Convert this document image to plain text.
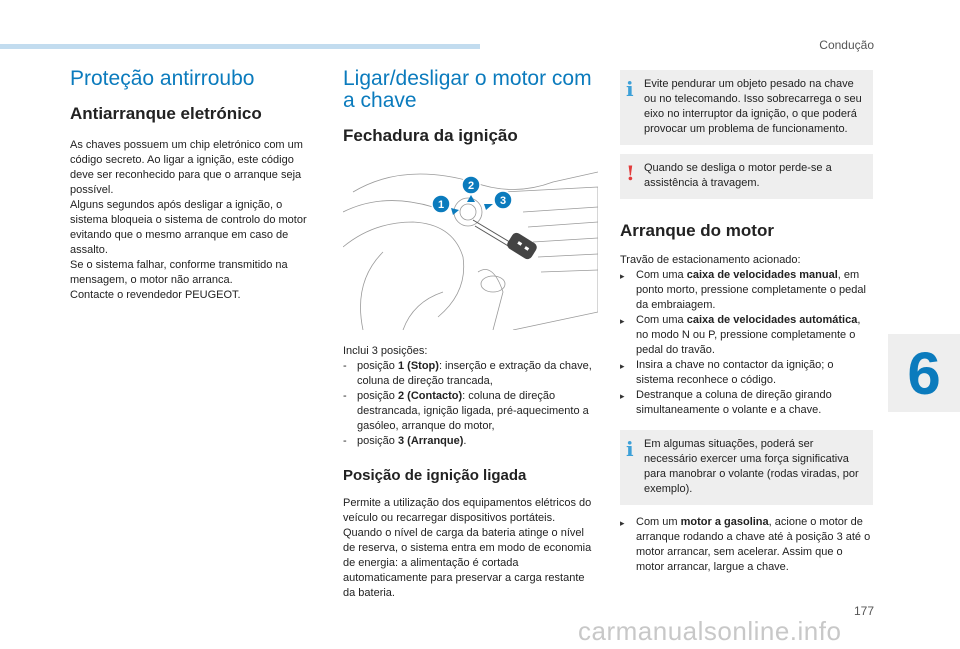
Condução
Proteção antirroubo
Antiarranque eletrónico

As chaves possuem um chip eletrónico com um código secreto. Ao ligar a ignição, este código deve ser reconhecido para que o arranque seja possível.

Alguns segundos após desligar a ignição, o sistema bloqueia o sistema de controlo do motor evitando que o mesmo arranque em caso de assalto.

Se o sistema falhar, conforme transmitido na mensagem, o motor não arranca.

Contacte o revendedor PEUGEOT.

Ligar/desligar o motor com a chave
Fechadura da ignição
1
2
3

Inclui 3 posições:

- posição 1 (Stop): inserção e extração da chave, coluna de direção trancada,
- posição 2 (Contacto): coluna de direção destrancada, ignição ligada, pré-aquecimento a gasóleo, arranque do motor,
- posição 3 (Arranque).
Posição de ignição ligada

Permite a utilização dos equipamentos elétricos do veículo ou recarregar dispositivos portáteis.

Quando o nível de carga da bateria atinge o nível de reserva, o sistema entra em modo de economia de energia: a alimentação é cortada automaticamente para preservar a carga restante da bateria.

i Evite pendurar um objeto pesado na chave ou no telecomando. Isso sobrecarrega o seu eixo no interruptor da ignição, o que poderá provocar um problema de funcionamento.
! Quando se desliga o motor perde-se a assistência à travagem.
Arranque do motor

Travão de estacionamento acionado:

▸	Com uma caixa de velocidades manual, em ponto morto, pressione completamente o pedal da embraiagem.
▸	Com uma caixa de velocidades automática, no modo N ou P, pressione completamente o pedal do travão.
▸	Insira a chave no contactor da ignição; o sistema reconhece o código.
▸	Destranque a coluna de direção girando simultaneamente o volante e a chave.
i Em algumas situações, poderá ser necessário exercer uma força significativa para manobrar o volante (rodas viradas, por exemplo).
▸	Com um motor a gasolina, acione o motor de arranque rodando a chave até à posição 3 até o motor arrancar, sem acelerar. Assim que o motor arrancar, largue a chave.
6
177
carmanualsonline.info
